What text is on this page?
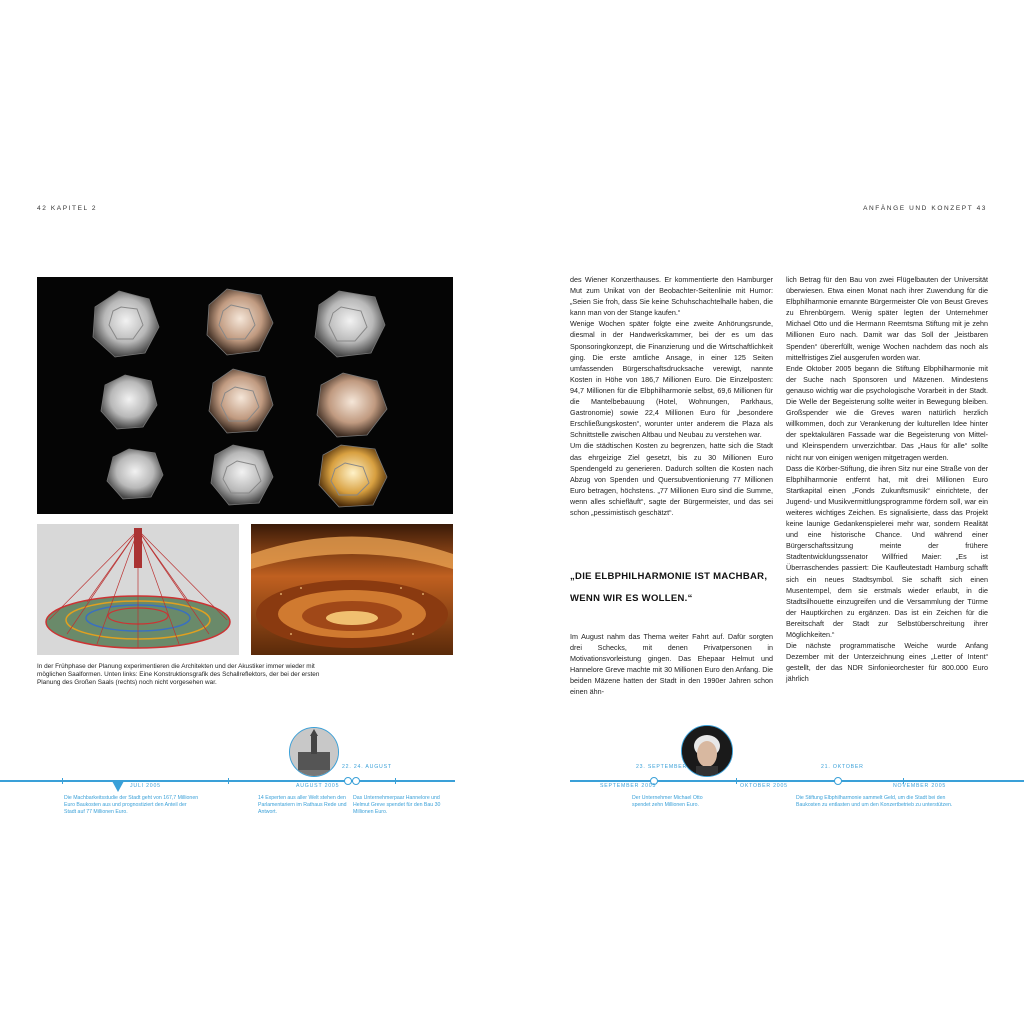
42 KAPITEL 2	ANFÄNGE UND KONZEPT 43
In der Frühphase der Planung experimentieren die Architekten und der Akustiker immer wieder mit möglichen Saalformen. Unten links: Eine Konstruktionsgrafik des Schallreflektors, der bei der ersten Planung des Großen Saals (rechts) noch nicht vorgesehen war.

des Wiener Konzerthauses. Er kommentierte den Hamburger Mut zum Unikat von der Beobachter-Seitenlinie mit Humor: „Seien Sie froh, dass Sie keine Schuhschachtelhalle haben, die kann man von der Stange kaufen.“

Wenige Wochen später folgte eine zweite Anhörungsrunde, diesmal in der Handwerkskammer, bei der es um das Sponsoringkonzept, die Finanzierung und die Wirtschaftlichkeit ging. Die erste amtliche Ansage, in einer 125 Seiten umfassenden Bürgerschaftsdrucksache verewigt, nannte Kosten in Höhe von 186,7 Millionen Euro. Die Einzelposten: 94,7 Millionen für die Elbphilharmonie selbst, 69,6 Millionen für die Mantelbebauung (Hotel, Wohnungen, Parkhaus, Gastronomie) sowie 22,4 Millionen Euro für „besondere Erschließungskosten“, worunter unter anderem die Plaza als Schnittstelle zwischen Altbau und Neubau zu verstehen war.

Um die städtischen Kosten zu begrenzen, hatte sich die Stadt das ehrgeizige Ziel gesetzt, bis zu 30 Millionen Euro Spendengeld zu generieren. Dadurch sollten die Kosten nach Abzug von Spenden und Quersubventionierung 77 Millionen Euro betragen, höchstens. „77 Millionen Euro sind die Summe, wenn alles schiefläuft“, sagte der Bürgermeister, und das sei schon „pessimistisch geschätzt“.

„DIE ELBPHILHARMONIE IST MACHBAR, WENN WIR ES WOLLEN.“

Im August nahm das Thema weiter Fahrt auf. Dafür sorgten drei Schecks, mit denen Privatpersonen in Motivationsvorleistung gingen. Das Ehepaar Helmut und Hannelore Greve machte mit 30 Millionen Euro den Anfang. Die beiden Mäzene hatten der Stadt in den 1990er Jahren schon einen ähn-

lich Betrag für den Bau von zwei Flügelbauten der Universität überwiesen. Etwa einen Monat nach ihrer Zuwendung für die Elbphilharmonie ernannte Bürgermeister Ole von Beust Greves zu Ehrenbürgern. Wenig später legten der Unternehmer Michael Otto und die Hermann Reemtsma Stiftung mit je zehn Millionen Euro nach. Damit war das Soll der „leistbaren Spenden“ übererfüllt, wenige Wochen nachdem das noch als mittelfristiges Ziel ausgerufen worden war.

Ende Oktober 2005 begann die Stiftung Elbphilharmonie mit der Suche nach Sponsoren und Mäzenen. Mindestens genauso wichtig war die psychologische Vorarbeit in der Stadt. Die Welle der Begeisterung sollte weiter in Bewegung bleiben. Großspender wie die Greves waren natürlich herzlich willkommen, doch zur Verankerung der kulturellen Idee hinter der spektakulären Fassade war die Begeisterung von Mittel- und Kleinspendern unverzichtbar. Das „Haus für alle“ sollte nicht nur von einigen wenigen mitgetragen werden.

Dass die Körber-Stiftung, die ihren Sitz nur eine Straße von der Elbphilharmonie entfernt hat, mit drei Millionen Euro Startkapital einen „Fonds Zukunftsmusik“ einrichtete, der Jugend- und Musikvermittlungsprogramme fördern soll, war ein weiteres wichtiges Zeichen. Es signalisierte, dass das Projekt keine launige Gedankenspielerei mehr war, sondern Realität und eine historische Chance. Und während einer Bürgerschaftssitzung meinte der frühere Stadtentwicklungssenator Willfried Maier: „Es ist Überraschendes passiert: Die Kaufleutestadt Hamburg schafft sich ein neues Stadtsymbol. Sie schafft sich einen Musentempel, dem sie erstmals wieder erlaubt, in die Stadtsilhouette einzugreifen und die Versammlung der Türme der Hauptkirchen zu ergänzen. Das ist ein Zeichen für die Bereitschaft der Stadt zur Selbstüberschreitung ihrer Möglichkeiten.“

Die nächste programmatische Weiche wurde Anfang Dezember mit der Unterzeichnung eines „Letter of Intent“ gestellt, der das NDR Sinfonieorchester für 800.000 Euro jährlich

JULI 2005	AUGUST 2005	SEPTEMBER 2005	OKTOBER 2005	NOVEMBER 2005
22. 24. AUGUST	23. SEPTEMBER	21. OKTOBER
Die Machbarkeitsstudie der Stadt geht von 167,7 Millionen Euro Baukosten aus und prognostiziert den Anteil der Stadt auf 77 Millionen Euro.
14 Experten aus aller Welt stehen den Parlamentariern im Rathaus Rede und Antwort.
Das Unternehmerpaar Hannelore und Helmut Greve spendet für den Bau 30 Millionen Euro.
Der Unternehmer Michael Otto spendet zehn Millionen Euro.
Die Stiftung Elbphilharmonie sammelt Geld, um die Stadt bei den Baukosten zu entlasten und um den Konzertbetrieb zu unterstützen.
